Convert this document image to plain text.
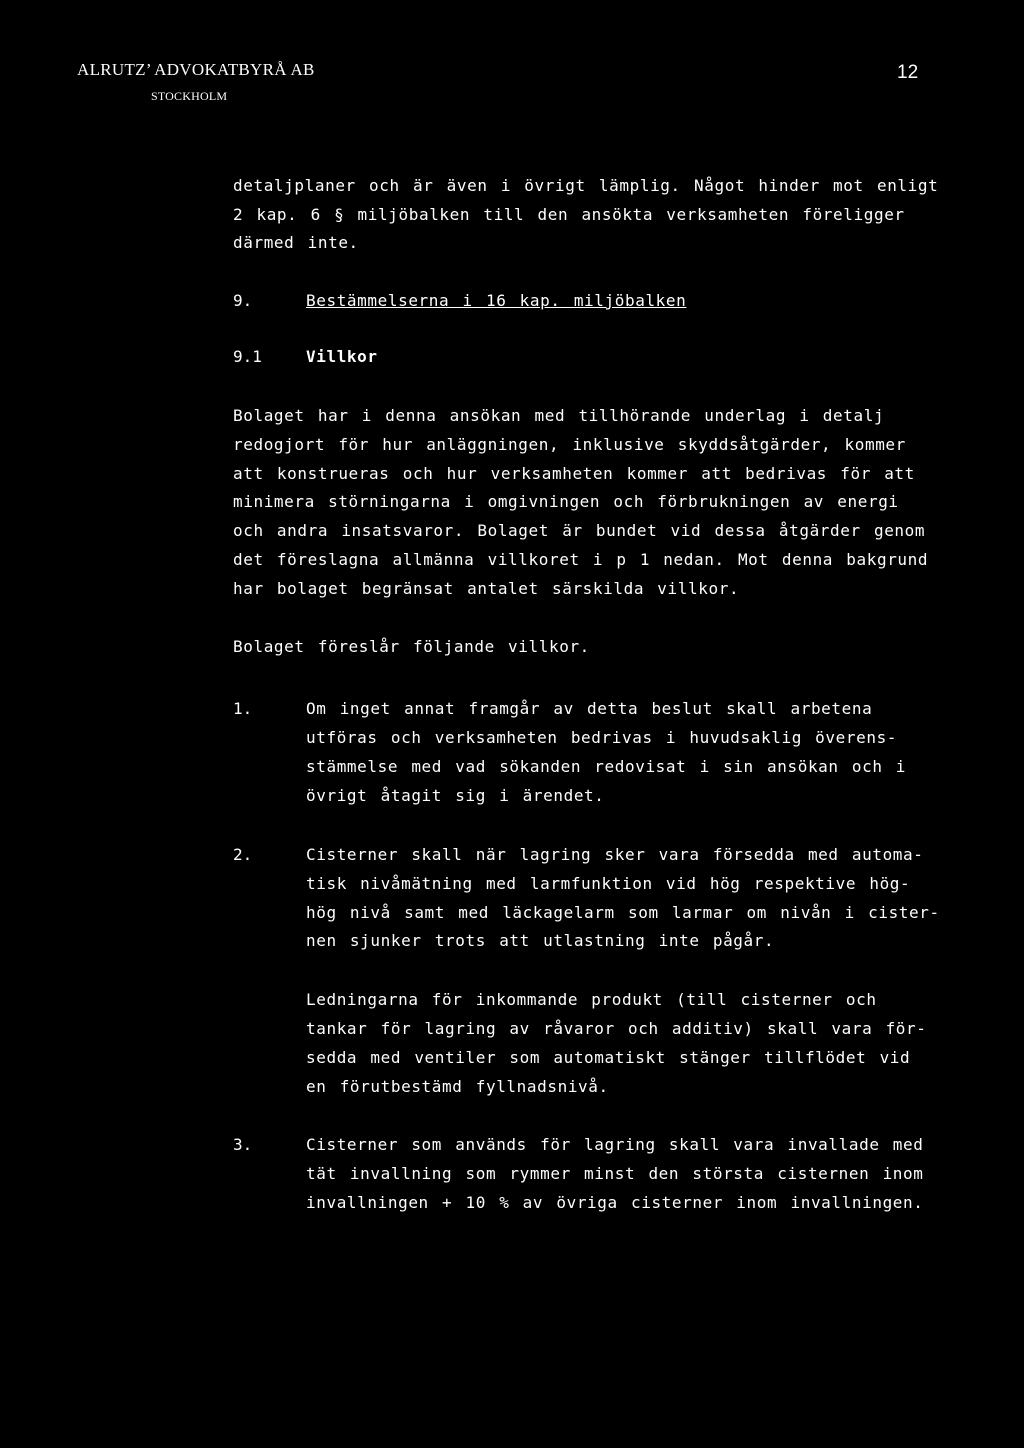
ALRUTZ’ ADVOKATBYRÅ AB
STOCKHOLM
12
detaljplaner och är även i övrigt lämplig. Något hinder mot enligt
2 kap. 6 § miljöbalken till den ansökta verksamheten föreligger
därmed inte.
9.	Bestämmelserna i 16 kap. miljöbalken
9.1	Villkor
Bolaget har i denna ansökan med tillhörande underlag i detalj
redogjort för hur anläggningen, inklusive skyddsåtgärder, kommer
att konstrueras och hur verksamheten kommer att bedrivas för att
minimera störningarna i omgivningen och förbrukningen av energi
och andra insatsvaror. Bolaget är bundet vid dessa åtgärder genom
det föreslagna allmänna villkoret i p 1 nedan. Mot denna bakgrund
har bolaget begränsat antalet särskilda villkor.
Bolaget föreslår följande villkor.
1.	Om inget annat framgår av detta beslut skall arbetena
utföras och verksamheten bedrivas i huvudsaklig överens-
stämmelse med vad sökanden redovisat i sin ansökan och i
övrigt åtagit sig i ärendet.
2.	Cisterner skall när lagring sker vara försedda med automa-
tisk nivåmätning med larmfunktion vid hög respektive hög-
hög nivå samt med läckagelarm som larmar om nivån i cister-
nen sjunker trots att utlastning inte pågår.
Ledningarna för inkommande produkt (till cisterner och
tankar för lagring av råvaror och additiv) skall vara för-
sedda med ventiler som automatiskt stänger tillflödet vid
en förutbestämd fyllnadsnivå.
3.	Cisterner som används för lagring skall vara invallade med
tät invallning som rymmer minst den största cisternen inom
invallningen + 10 % av övriga cisterner inom invallningen.
